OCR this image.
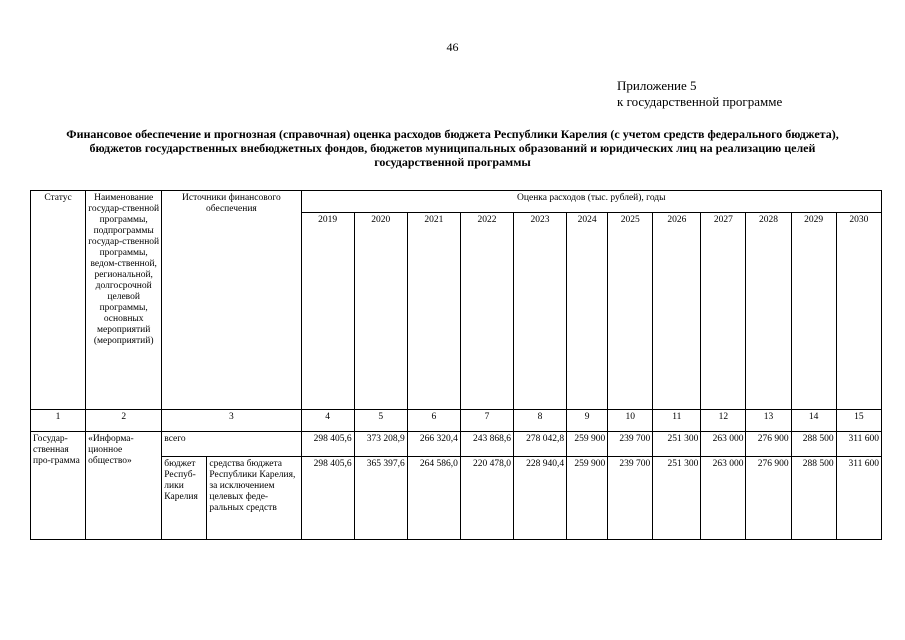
46
Приложение 5
к государственной программе
Финансовое обеспечение и прогнозная (справочная) оценка расходов бюджета Республики Карелия (с учетом средств федерального бюджета), бюджетов государственных внебюджетных фондов, бюджетов муниципальных образований и юридических лиц на реализацию целей государственной программы
Статус	Наименование государ-ственной программы, подпрограммы государ-ственной программы, ведом-ственной, региональной, долгосрочной целевой программы, основных мероприятий (мероприятий)	Источники финансового обеспечения		Оценка расходов (тыс. рублей), годы											
				2019	2020	2021	2022	2023	2024	2025	2026	2027	2028	2029	2030
1	2	3		4	5	6	7	8	9	10	11	12	13	14	15
Государ-ственная про-грамма	«Информа-ционное общество»	всего		298 405,6	373 208,9	266 320,4	243 868,6	278 042,8	259 900	239 700	251 300	263 000	276 900	288 500	311 600
		бюджет Респуб-лики Карелия	средства бюджета Республики Карелия, за исключением целевых феде-ральных средств	298 405,6	365 397,6	264 586,0	220 478,0	228 940,4	259 900	239 700	251 300	263 000	276 900	288 500	311 600
